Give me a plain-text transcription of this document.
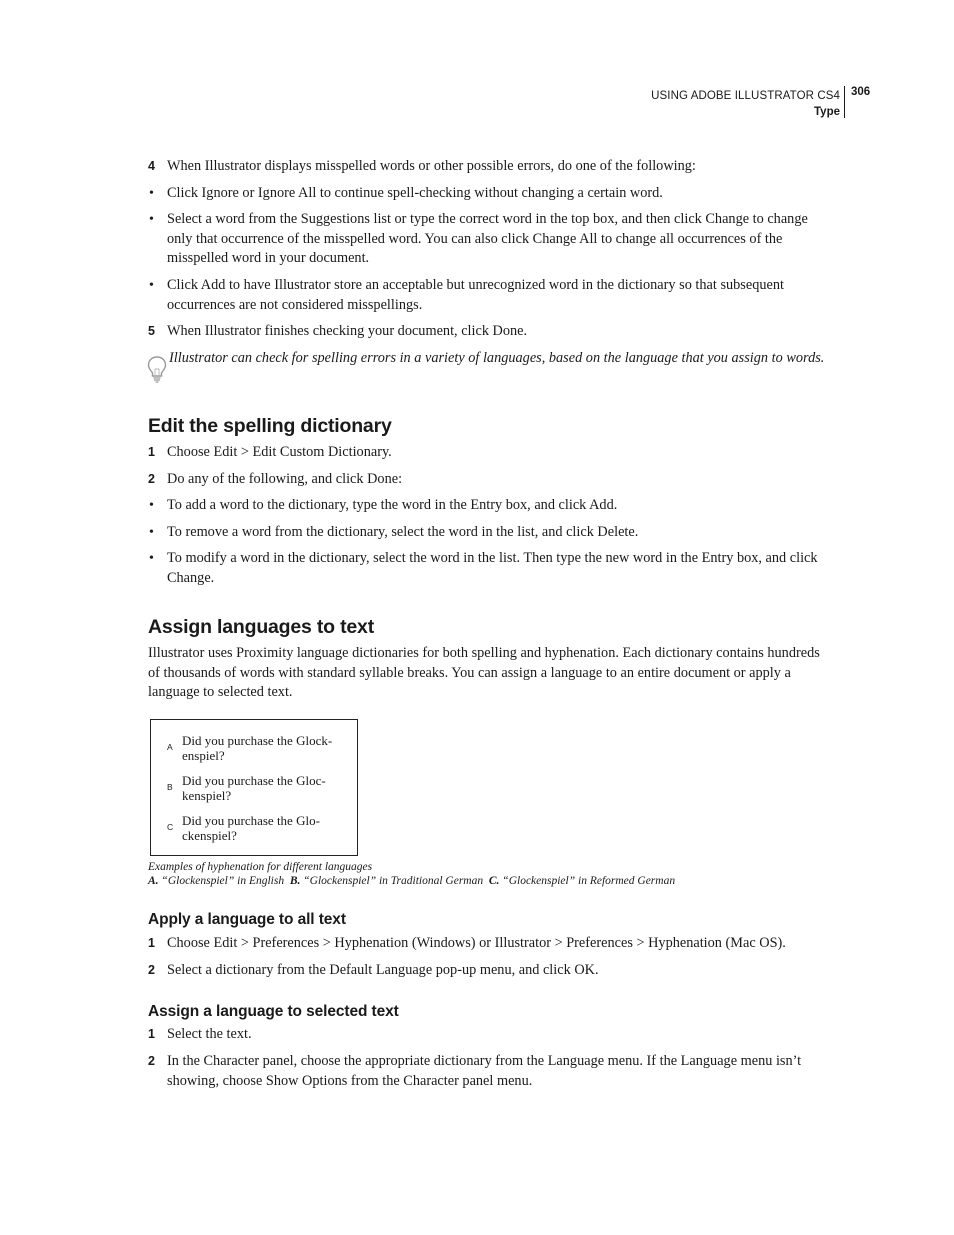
USING ADOBE ILLUSTRATOR CS4
Type
306
4 When Illustrator displays misspelled words or other possible errors, do one of the following:
• Click Ignore or Ignore All to continue spell-checking without changing a certain word.
• Select a word from the Suggestions list or type the correct word in the top box, and then click Change to change
only that occurrence of the misspelled word. You can also click Change All to change all occurrences of the
misspelled word in your document.
• Click Add to have Illustrator store an acceptable but unrecognized word in the dictionary so that subsequent
occurrences are not considered misspellings.
5 When Illustrator finishes checking your document, click Done.
Illustrator can check for spelling errors in a variety of languages, based on the language that you assign to words.
Edit the spelling dictionary
1 Choose Edit > Edit Custom Dictionary.
2 Do any of the following, and click Done:
• To add a word to the dictionary, type the word in the Entry box, and click Add.
• To remove a word from the dictionary, select the word in the list, and click Delete.
• To modify a word in the dictionary, select the word in the list. Then type the new word in the Entry box, and click
Change.
Assign languages to text
Illustrator uses Proximity language dictionaries for both spelling and hyphenation. Each dictionary contains hundreds
of thousands of words with standard syllable breaks. You can assign a language to an entire document or apply a
language to selected text.
A Did you purchase the Glock-
enspiel?
B Did you purchase the Gloc-
kenspiel?
C Did you purchase the Glo-
ckenspiel?
Examples of hyphenation for different languages
A. “Glockenspiel” in English B. “Glockenspiel” in Traditional German C. “Glockenspiel” in Reformed German
Apply a language to all text
1 Choose Edit > Preferences > Hyphenation (Windows) or Illustrator > Preferences > Hyphenation (Mac OS).
2 Select a dictionary from the Default Language pop-up menu, and click OK.
Assign a language to selected text
1 Select the text.
2 In the Character panel, choose the appropriate dictionary from the Language menu. If the Language menu isn’t
showing, choose Show Options from the Character panel menu.
